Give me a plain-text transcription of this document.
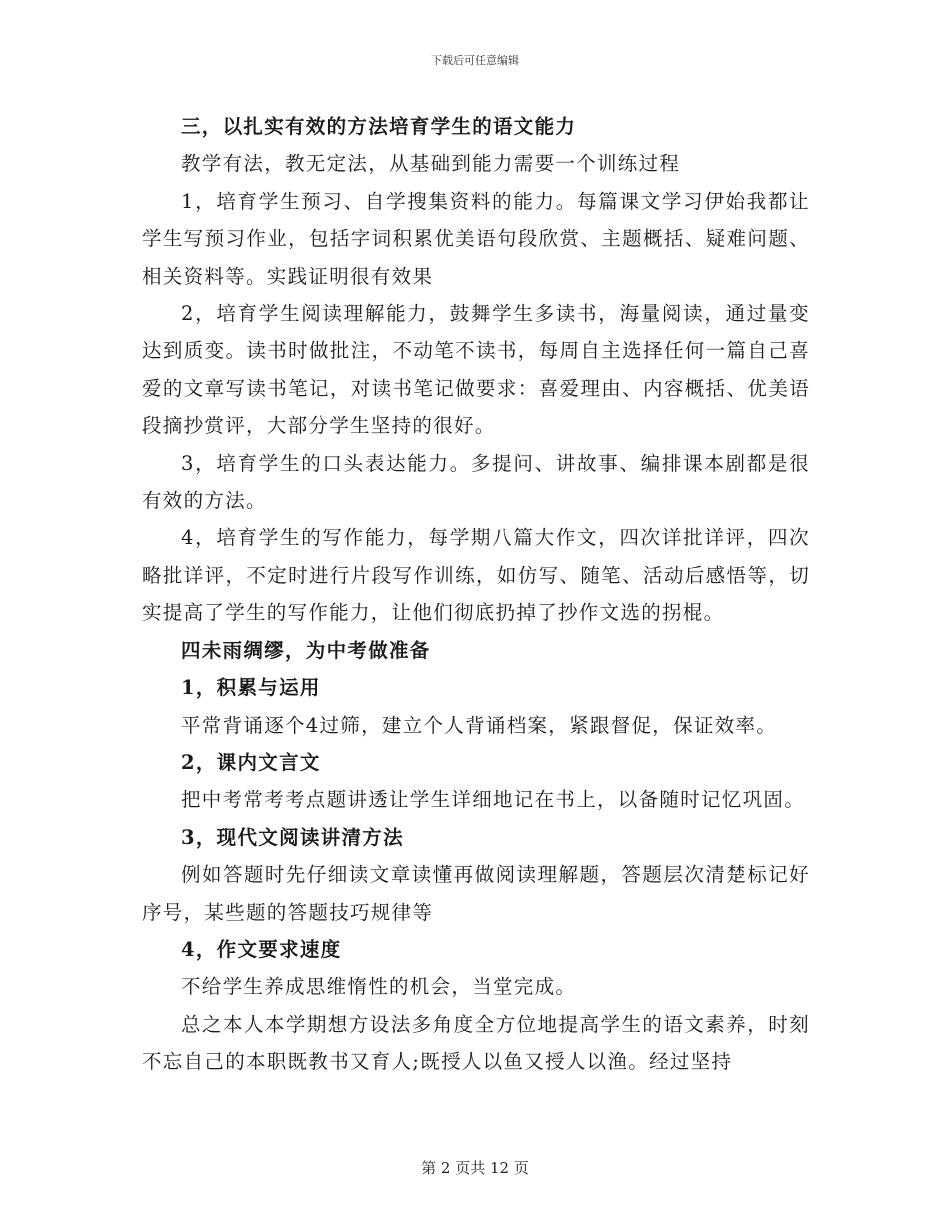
下载后可任意编辑

三，以扎实有效的方法培育学生的语文能力

教学有法，教无定法，从基础到能力需要一个训练过程

1，培育学生预习、自学搜集资料的能力。每篇课文学习伊始我都让学生写预习作业，包括字词积累优美语句段欣赏、主题概括、疑难问题、相关资料等。实践证明很有效果

2，培育学生阅读理解能力，鼓舞学生多读书，海量阅读，通过量变达到质变。读书时做批注，不动笔不读书，每周自主选择任何一篇自己喜爱的文章写读书笔记，对读书笔记做要求：喜爱理由、内容概括、优美语段摘抄赏评，大部分学生坚持的很好。

3，培育学生的口头表达能力。多提问、讲故事、编排课本剧都是很有效的方法。

4，培育学生的写作能力，每学期八篇大作文，四次详批详评，四次略批详评，不定时进行片段写作训练，如仿写、随笔、活动后感悟等，切实提高了学生的写作能力，让他们彻底扔掉了抄作文选的拐棍。

四未雨绸缪，为中考做准备

1，积累与运用

平常背诵逐个4过筛，建立个人背诵档案，紧跟督促，保证效率。

2，课内文言文

把中考常考考点题讲透让学生详细地记在书上，以备随时记忆巩固。

3，现代文阅读讲清方法

例如答题时先仔细读文章读懂再做阅读理解题，答题层次清楚标记好序号，某些题的答题技巧规律等

4，作文要求速度

不给学生养成思维惰性的机会，当堂完成。

总之本人本学期想方设法多角度全方位地提高学生的语文素养，时刻不忘自己的本职既教书又育人;既授人以鱼又授人以渔。经过坚持

第 2 页共 12 页
